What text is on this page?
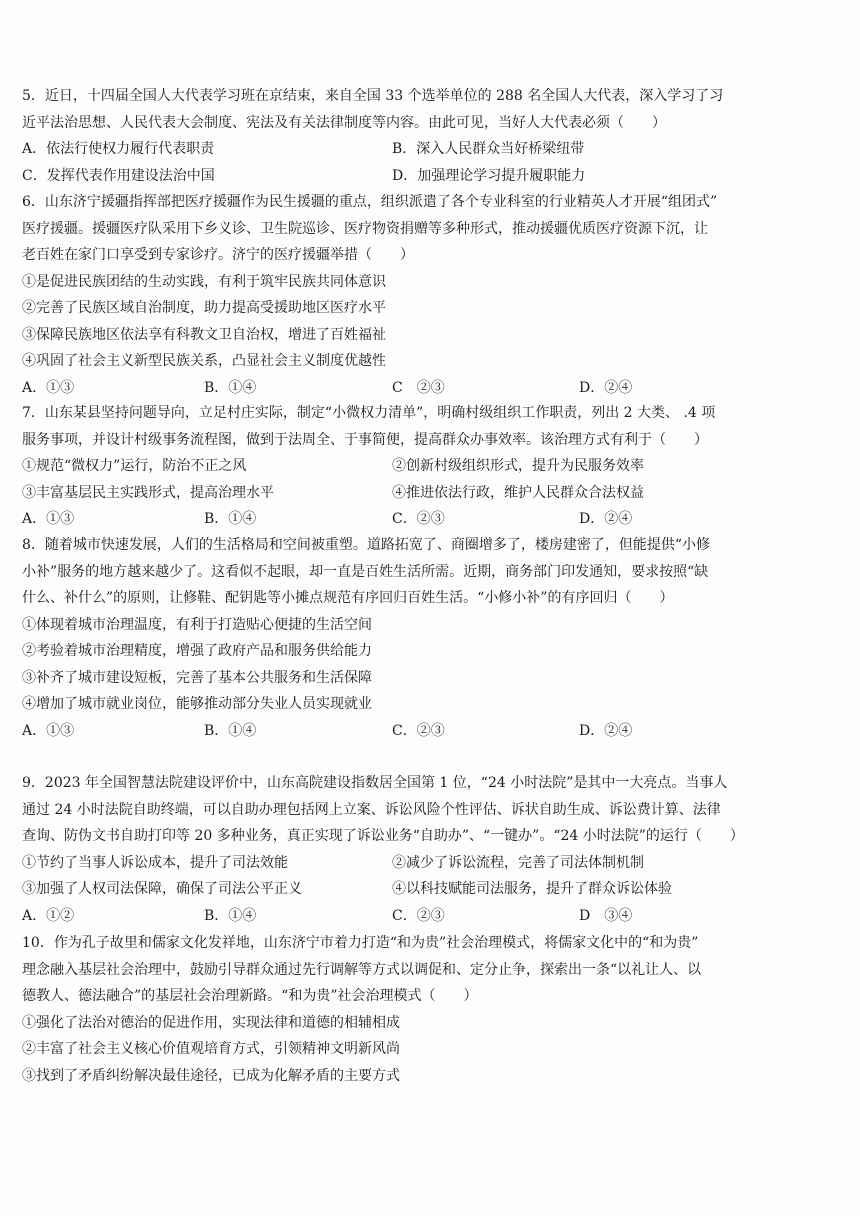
5．近日，十四届全国人大代表学习班在京结束，来自全国 33 个选举单位的 288 名全国人大代表，深入学习了习
近平法治思想、人民代表大会制度、宪法及有关法律制度等内容。由此可见，当好人大代表必须（　　）
A．依法行使权力履行代表职责	B．深入人民群众当好桥梁纽带
C．发挥代表作用建设法治中国	D．加强理论学习提升履职能力
6．山东济宁援疆指挥部把医疗援疆作为民生援疆的重点，组织派遣了各个专业科室的行业精英人才开展“组团式”
医疗援疆。援疆医疗队采用下乡义诊、卫生院巡诊、医疗物资捐赠等多种形式，推动援疆优质医疗资源下沉，让
老百姓在家门口享受到专家诊疗。济宁的医疗援疆举措（　　）
①是促进民族团结的生动实践，有利于筑牢民族共同体意识
②完善了民族区域自治制度，助力提高受援助地区医疗水平
③保障民族地区依法享有科教文卫自治权，增进了百姓福祉
④巩固了社会主义新型民族关系，凸显社会主义制度优越性
A．①③	B．①④	C　②③	D．②④
7．山东某县坚持问题导向，立足村庄实际，制定“小微权力清单”，明确村级组织工作职责，列出 2 大类、 .4 项
服务事项，并设计村级事务流程图，做到于法周全、于事简便，提高群众办事效率。该治理方式有利于（　　）
①规范“微权力”运行，防治不正之风	②创新村级组织形式，提升为民服务效率
③丰富基层民主实践形式，提高治理水平	④推进依法行政，维护人民群众合法权益
A．①③	B．①④	C．②③	D．②④
8．随着城市快速发展，人们的生活格局和空间被重塑。道路拓宽了、商圈增多了，楼房建密了，但能提供“小修
小补”服务的地方越来越少了。这看似不起眼，却一直是百姓生活所需。近期，商务部门印发通知，要求按照“缺
什么、补什么”的原则，让修鞋、配钥匙等小摊点规范有序回归百姓生活。“小修小补”的有序回归（　　）
①体现着城市治理温度，有利于打造贴心便捷的生活空间
②考验着城市治理精度，增强了政府产品和服务供给能力
③补齐了城市建设短板，完善了基本公共服务和生活保障
④增加了城市就业岗位，能够推动部分失业人员实现就业
A．①③	B．①④	C．②③	D．②④
9．2023 年全国智慧法院建设评价中，山东高院建设指数居全国第 1 位，“24 小时法院”是其中一大亮点。当事人
通过 24 小时法院自助终端，可以自助办理包括网上立案、诉讼风险个性评估、诉状自助生成、诉讼费计算、法律
查询、防伪文书自助打印等 20 多种业务，真正实现了诉讼业务“自助办”、“一键办”。“24 小时法院”的运行（　　）
①节约了当事人诉讼成本，提升了司法效能	②减少了诉讼流程，完善了司法体制机制
③加强了人权司法保障，确保了司法公平正义	④以科技赋能司法服务，提升了群众诉讼体验
A．①②	B．①④	C．②③	D　③④
10．作为孔子故里和儒家文化发祥地，山东济宁市着力打造“和为贵”社会治理模式，将儒家文化中的“和为贵”
理念融入基层社会治理中，鼓励引导群众通过先行调解等方式以调促和、定分止争，探索出一条“以礼让人、以
德教人、德法融合”的基层社会治理新路。“和为贵”社会治理模式（　　）
①强化了法治对德治的促进作用，实现法律和道德的相辅相成
②丰富了社会主义核心价值观培育方式，引领精神文明新风尚
③找到了矛盾纠纷解决最佳途径，已成为化解矛盾的主要方式
